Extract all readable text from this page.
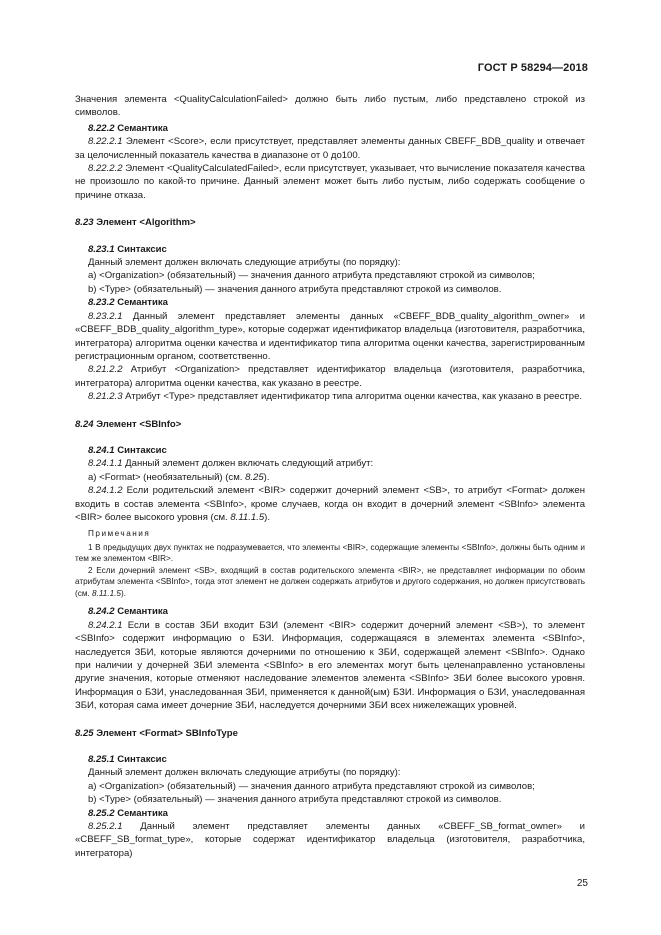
ГОСТ Р 58294—2018

Значения элемента <QualityCalculationFailed> должно быть либо пустым, либо представлено строкой из символов.

8.22.2 Семантика

8.22.2.1 Элемент <Score>, если присутствует, представляет элементы данных CBEFF_BDB_quality и отвечает за целочисленный показатель качества в диапазоне от 0 до100.

8.22.2.2 Элемент <QualityCalculatedFailed>, если присутствует, указывает, что вычисление показателя качества не произошло по какой-то причине. Данный элемент может быть либо пустым, либо содержать сообщение о причине отказа.

8.23 Элемент <Algorithm>

8.23.1 Синтаксис

Данный элемент должен включать следующие атрибуты (по порядку):

a) <Organization> (обязательный) — значения данного атрибута представляют строкой из символов;

b) <Type> (обязательный) — значения данного атрибута представляют строкой из символов.

8.23.2 Семантика

8.23.2.1 Данный элемент представляет элементы данных «CBEFF_BDB_quality_algorithm_owner» и «CBEFF_BDB_quality_algorithm_type», которые содержат идентификатор владельца (изготовителя, разработчика, интегратора) алгоритма оценки качества и идентификатор типа алгоритма оценки качества, зарегистрированным регистрационным органом, соответственно.

8.21.2.2 Атрибут <Organization> представляет идентификатор владельца (изготовителя, разработчика, интегратора) алгоритма оценки качества, как указано в реестре.

8.21.2.3 Атрибут <Type> представляет идентификатор типа алгоритма оценки качества, как указано в реестре.

8.24 Элемент <SBInfo>

8.24.1 Синтаксис

8.24.1.1 Данный элемент должен включать следующий атрибут:

a) <Format> (необязательный) (см. 8.25).

8.24.1.2 Если родительский элемент <BIR> содержит дочерний элемент <SB>, то атрибут <Format> должен входить в состав элемента <SBInfo>, кроме случаев, когда он входит в дочерний элемент <SBInfo> элемента <BIR> более высокого уровня (см. 8.11.1.5).

Примечания

1 В предыдущих двух пунктах не подразумевается, что элементы <BIR>, содержащие элементы <SBInfo>, должны быть одним и тем же элементом <BIR>.

2 Если дочерний элемент <SB>, входящий в состав родительского элемента <BIR>, не представляет информации по обоим атрибутам элемента <SBInfo>, тогда этот элемент не должен содержать атрибутов и другого содержания, но должен присутствовать (см. 8.11.1.5).

8.24.2 Семантика

8.24.2.1 Если в состав ЗБИ входит БЗИ (элемент <BIR> содержит дочерний элемент <SB>), то элемент <SBInfo> содержит информацию о БЗИ. Информация, содержащаяся в элементах элемента <SBInfo>, наследуется ЗБИ, которые являются дочерними по отношению к ЗБИ, содержащей элемент <SBInfo>. Однако при наличии у дочерней ЗБИ элемента <SBInfo> в его элементах могут быть целенаправленно установлены другие значения, которые отменяют наследование элементов элемента <SBInfo> ЗБИ более высокого уровня. Информация о БЗИ, унаследованная ЗБИ, применяется к данной(ым) БЗИ. Информация о БЗИ, унаследованная ЗБИ, которая сама имеет дочерние ЗБИ, наследуется дочерними ЗБИ всех нижележащих уровней.

8.25 Элемент <Format> SBInfoType

8.25.1 Синтаксис

Данный элемент должен включать следующие атрибуты (по порядку):

a) <Organization> (обязательный) — значения данного атрибута представляют строкой из символов;

b) <Type> (обязательный) — значения данного атрибута представляют строкой из символов.

8.25.2 Семантика

8.25.2.1 Данный элемент представляет элементы данных «CBEFF_SB_format_owner» и «CBEFF_SB_format_type», которые содержат идентификатор владельца (изготовителя, разработчика, интегратора)

25
